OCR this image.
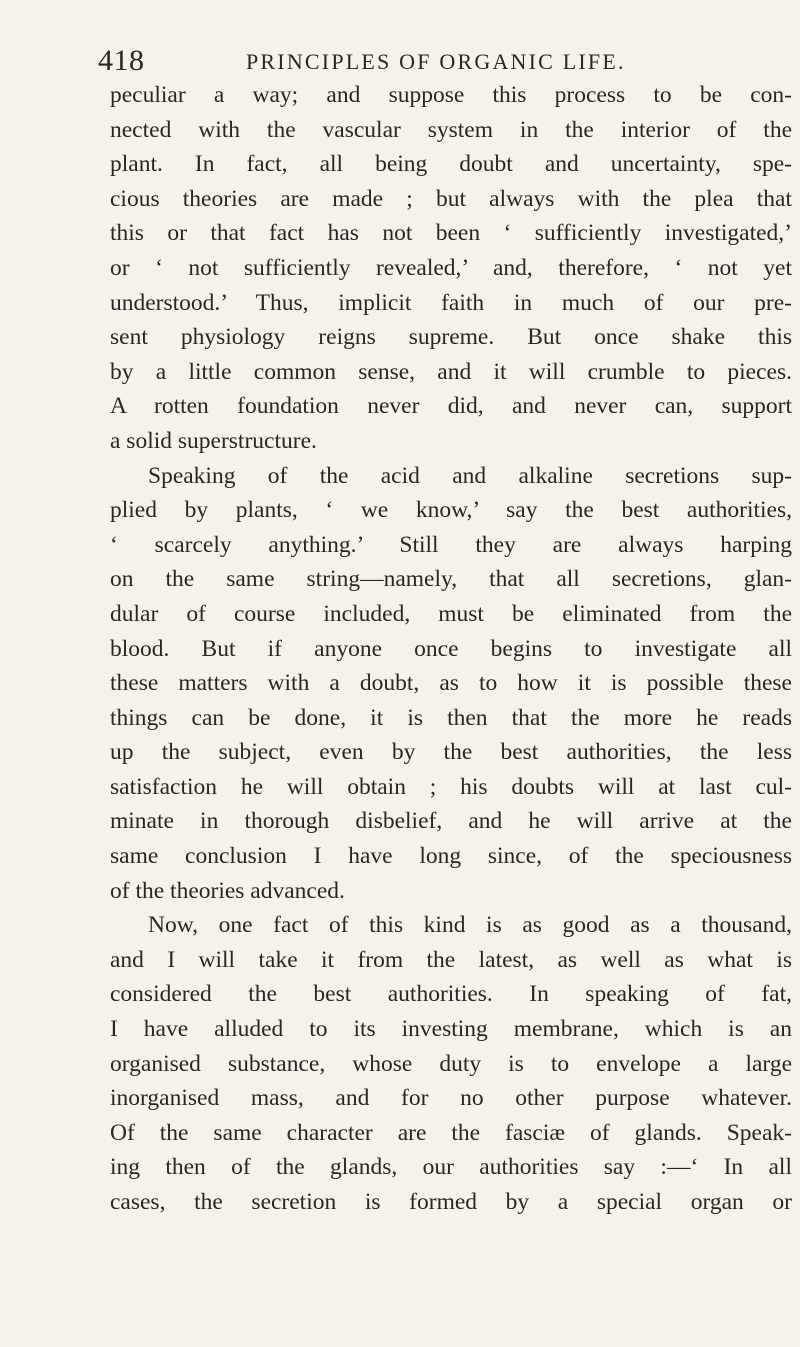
418	PRINCIPLES OF ORGANIC LIFE.
peculiar a way; and suppose this process to be con-
nected with the vascular system in the interior of the
plant. In fact, all being doubt and uncertainty, spe-
cious theories are made ; but always with the plea that
this or that fact has not been ‘ sufficiently investigated,’
or ‘ not sufficiently revealed,’ and, therefore, ‘ not yet
understood.’ Thus, implicit faith in much of our pre-
sent physiology reigns supreme. But once shake this
by a little common sense, and it will crumble to pieces.
A rotten foundation never did, and never can, support
a solid superstructure.
Speaking of the acid and alkaline secretions sup-
plied by plants, ‘ we know,’ say the best authorities,
‘ scarcely anything.’ Still they are always harping
on the same string—namely, that all secretions, glan-
dular of course included, must be eliminated from the
blood. But if anyone once begins to investigate all
these matters with a doubt, as to how it is possible these
things can be done, it is then that the more he reads
up the subject, even by the best authorities, the less
satisfaction he will obtain ; his doubts will at last cul-
minate in thorough disbelief, and he will arrive at the
same conclusion I have long since, of the speciousness
of the theories advanced.
Now, one fact of this kind is as good as a thousand,
and I will take it from the latest, as well as what is
considered the best authorities. In speaking of fat,
I have alluded to its investing membrane, which is an
organised substance, whose duty is to envelope a large
inorganised mass, and for no other purpose whatever.
Of the same character are the fasciæ of glands. Speak-
ing then of the glands, our authorities say :—‘ In all
cases, the secretion is formed by a special organ or
